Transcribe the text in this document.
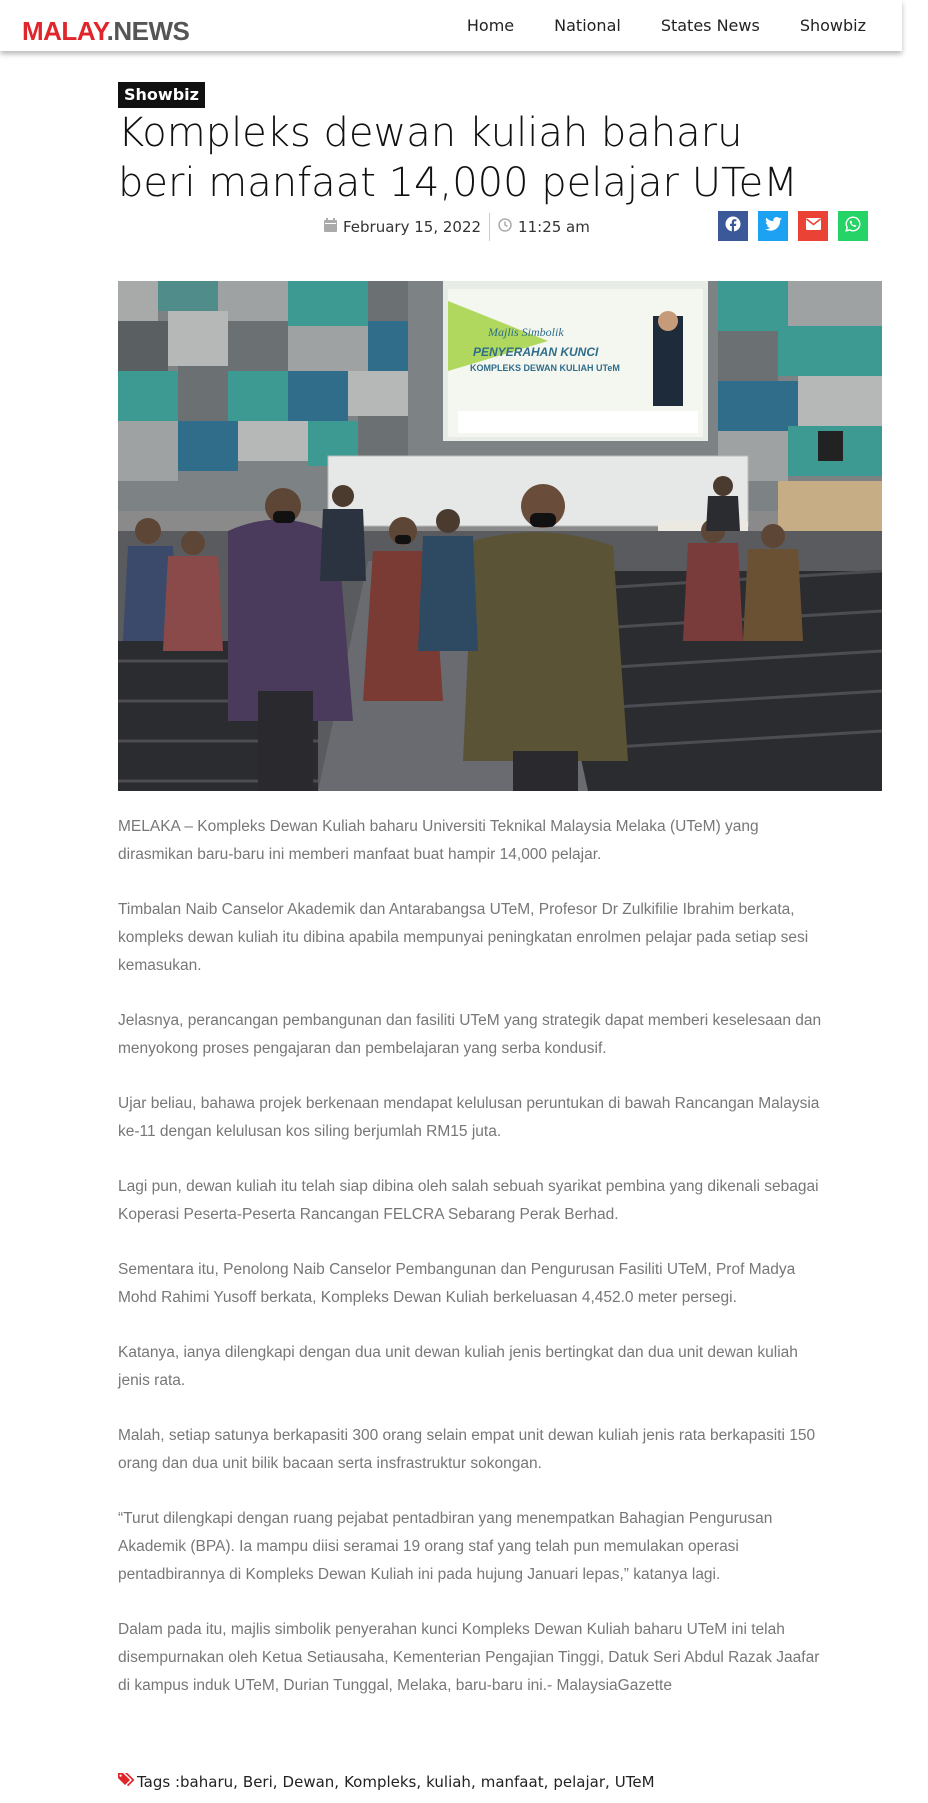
MALAY.NEWS	Home	National	States News	Showbiz
Showbiz
Kompleks dewan kuliah baharu beri manfaat 14,000 pelajar UTeM
February 15, 2022 11:25 am
Majlis Simbolik
PENYERAHAN KUNCI
KOMPLEKS DEWAN KULIAH UTeM

MELAKA – Kompleks Dewan Kuliah baharu Universiti Teknikal Malaysia Melaka (UTeM) yang dirasmikan baru-baru ini memberi manfaat buat hampir 14,000 pelajar.

Timbalan Naib Canselor Akademik dan Antarabangsa UTeM, Profesor Dr Zulkifilie Ibrahim berkata, kompleks dewan kuliah itu dibina apabila mempunyai peningkatan enrolmen pelajar pada setiap sesi kemasukan.

Jelasnya, perancangan pembangunan dan fasiliti UTeM yang strategik dapat memberi keselesaan dan menyokong proses pengajaran dan pembelajaran yang serba kondusif.

Ujar beliau, bahawa projek berkenaan mendapat kelulusan peruntukan di bawah Rancangan Malaysia ke-11 dengan kelulusan kos siling berjumlah RM15 juta.

Lagi pun, dewan kuliah itu telah siap dibina oleh salah sebuah syarikat pembina yang dikenali sebagai Koperasi Peserta-Peserta Rancangan FELCRA Sebarang Perak Berhad.

Sementara itu, Penolong Naib Canselor Pembangunan dan Pengurusan Fasiliti UTeM, Prof Madya Mohd Rahimi Yusoff berkata, Kompleks Dewan Kuliah berkeluasan 4,452.0 meter persegi.

Katanya, ianya dilengkapi dengan dua unit dewan kuliah jenis bertingkat dan dua unit dewan kuliah jenis rata.

Malah, setiap satunya berkapasiti 300 orang selain empat unit dewan kuliah jenis rata berkapasiti 150 orang dan dua unit bilik bacaan serta insfrastruktur sokongan.

“Turut dilengkapi dengan ruang pejabat pentadbiran yang menempatkan Bahagian Pengurusan Akademik (BPA). Ia mampu diisi seramai 19 orang staf yang telah pun memulakan operasi pentadbirannya di Kompleks Dewan Kuliah ini pada hujung Januari lepas,” katanya lagi.

Dalam pada itu, majlis simbolik penyerahan kunci Kompleks Dewan Kuliah baharu UTeM ini telah disempurnakan oleh Ketua Setiausaha, Kementerian Pengajian Tinggi, Datuk Seri Abdul Razak Jaafar di kampus induk UTeM, Durian Tunggal, Melaka, baru-baru ini.- MalaysiaGazette

Tags : baharu , Beri , Dewan , Kompleks , kuliah , manfaat , pelajar , UTeM
